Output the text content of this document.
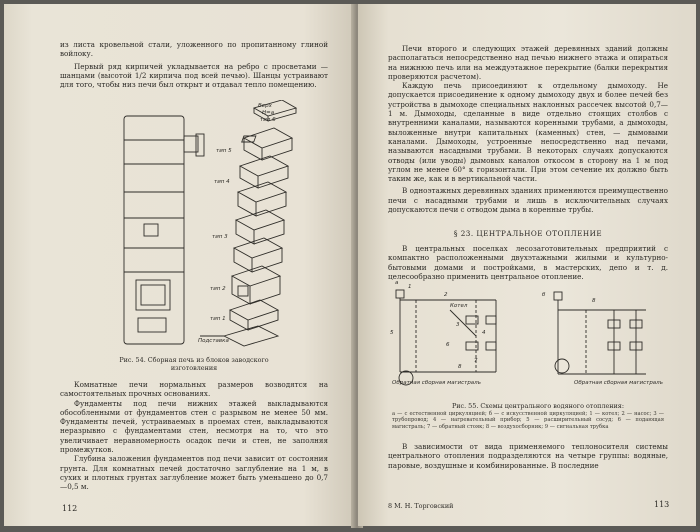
из листа кровельной стали, уложенного по пропитанному глиной войлоку.

Первый ряд кирпичей укладывается на ребро с просветами — шанцами (высотой 1/2 кирпича под всей печью). Шанцы устраивают для того, чтобы низ печи был открыт и отдавал тепло помещению.

Верх
Н=а
тип 6
тип 5
тип 4
тип 3
тип 2
тип 1
Подставка
Рис. 54. Сборная печь из блоков заводского изготовления

Комнатные печи нормальных размеров возводятся на самостоятельных прочных основаниях.

Фундаменты под печи нижних этажей выкладываются обособленными от фундаментов стен с разрывом не менее 50 мм. Фундаменты печей, устраиваемых в проемах стен, выкладываются неразрывно с фундаментами стен, несмотря на то, что это увеличивает неравномерность осадок печи и стен, не заполняя промежутков.

Глубина заложения фундаментов под печи зависит от состояния грунта. Для комнатных печей достаточно заглубление на 1 м, в сухих и плотных грунтах заглубление может быть уменьшено до 0,7—0,5 м.

112

Печи второго и следующих этажей деревянных зданий должны располагаться непосредственно над печью нижнего этажа и опираться на нижнюю печь или на междуэтажное перекрытие (балки перекрытия проверяются расчетом).

Каждую печь присоединяют к отдельному дымоходу. Не допускается присоединение к одному дымоходу двух и более печей без устройства в дымоходе специальных наклонных рассечек высотой 0,7—1 м. Дымоходы, сделанные в виде отдельно стоящих столбов с внутренними каналами, называются коренными трубами, а дымоходы, выложенные внутри капитальных (каменных) стен, — дымовыми каналами. Дымоходы, устроенные непосредственно над печами, называются насадными трубами. В некоторых случаях допускаются отводы (или уводы) дымовых каналов откосом в сторону на 1 м под углом не менее 60° к горизонтали. При этом сечение их должно быть таким же, как и в вертикальной части.

В одноэтажных деревянных зданиях применяются преимущественно печи с насадными трубами и лишь в исключительных случаях допускаются печи с отводом дыма в коренные трубы.

§ 23. ЦЕНТРАЛЬНОЕ ОТОПЛЕНИЕ

В центральных поселках лесозаготовительных предприятий с компактно расположенными двухэтажными жилыми и культурно-бытовыми домами и постройками, в мастерских, депо и т. д. целесообразно применить центральное отопление.

а
1
2
Котел
5
3
4
6
7
8
Обратная сборная магистраль
б
8
Обратная сборная магистраль
Рис. 55. Схемы центрального водяного отопления:
а — с естественной циркуляцией; б — с искусственной циркуляцией; 1 — котел; 2 — насос; 3 — трубопровод; 4 — нагревательный прибор; 5 — расширительный сосуд; 6 — подающая магистраль; 7 — обратный стояк; 8 — воздухосборник; 9 — сигнальная трубка

В зависимости от вида применяемого теплоносителя системы центрального отопления подразделяются на четыре группы: водяные, паровые, воздушные и комбинированные. В последние

8 М. Н. Торговский	113
